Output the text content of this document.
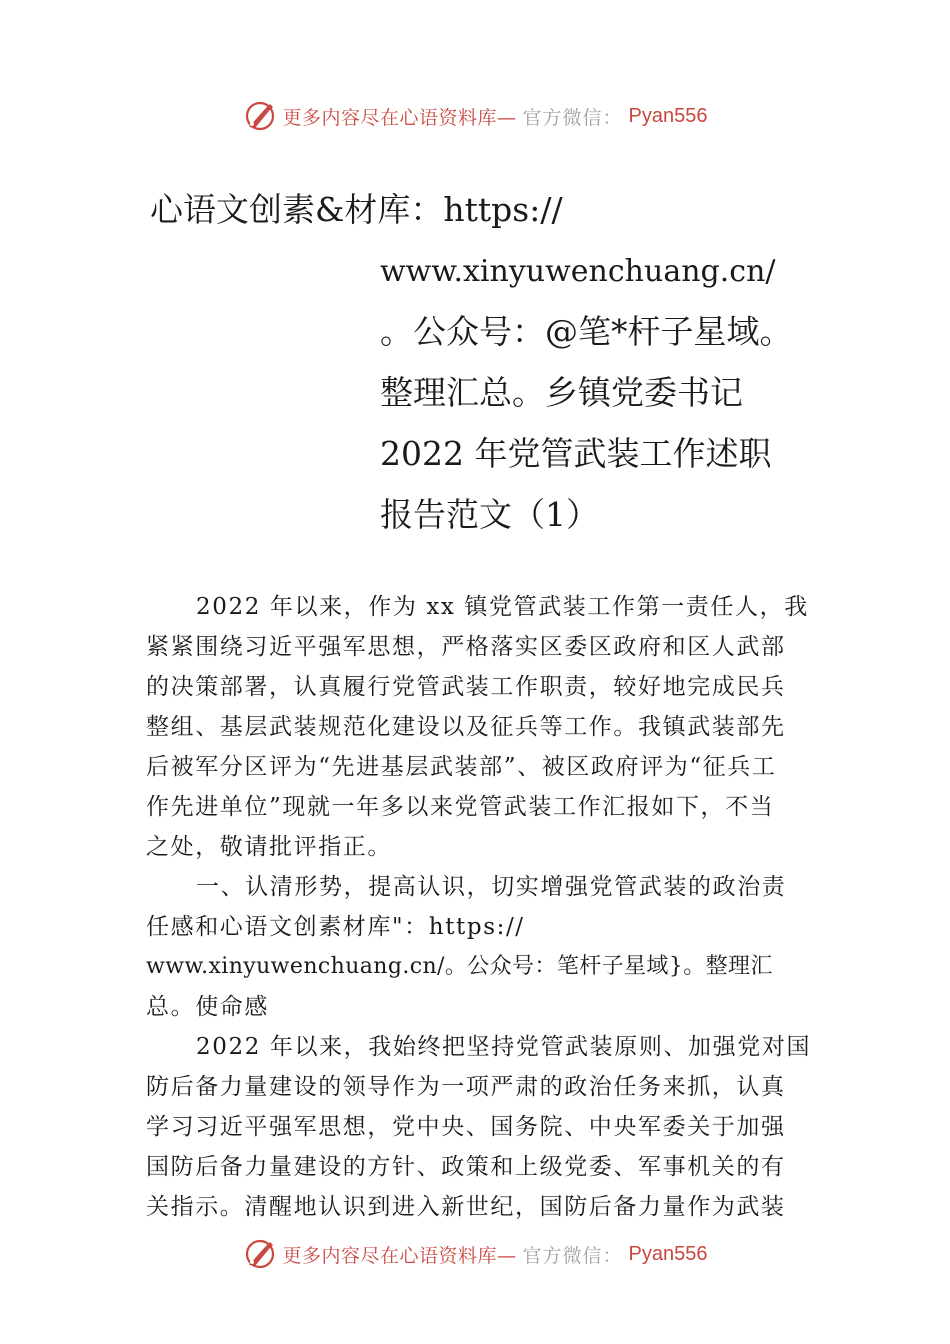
更多内容尽在心语资料库— 官方微信： Pyan556
心语文创素&材库：https://
www.xinyuwenchuang.cn/
。公众号：@笔*杆子星域。
整理汇总。乡镇党委书记
2022 年党管武装工作述职
报告范文（1）
2022 年以来，作为 xx 镇党管武装工作第一责任人，我
紧紧围绕习近平强军思想，严格落实区委区政府和区人武部
的决策部署，认真履行党管武装工作职责，较好地完成民兵
整组、基层武装规范化建设以及征兵等工作。我镇武装部先
后被军分区评为“先进基层武装部”、被区政府评为“征兵工
作先进单位”现就一年多以来党管武装工作汇报如下，不当
之处，敬请批评指正。
一、认清形势，提高认识，切实增强党管武装的政治责
任感和心语文创素材库"：https://
www.xinyuwenchuang.cn/。公众号：笔杆子星域}。整理汇
总。使命感
2022 年以来，我始终把坚持党管武装原则、加强党对国
防后备力量建设的领导作为一项严肃的政治任务来抓，认真
学习习近平强军思想，党中央、国务院、中央军委关于加强
国防后备力量建设的方针、政策和上级党委、军事机关的有
关指示。清醒地认识到进入新世纪，国防后备力量作为武装
更多内容尽在心语资料库— 官方微信： Pyan556
